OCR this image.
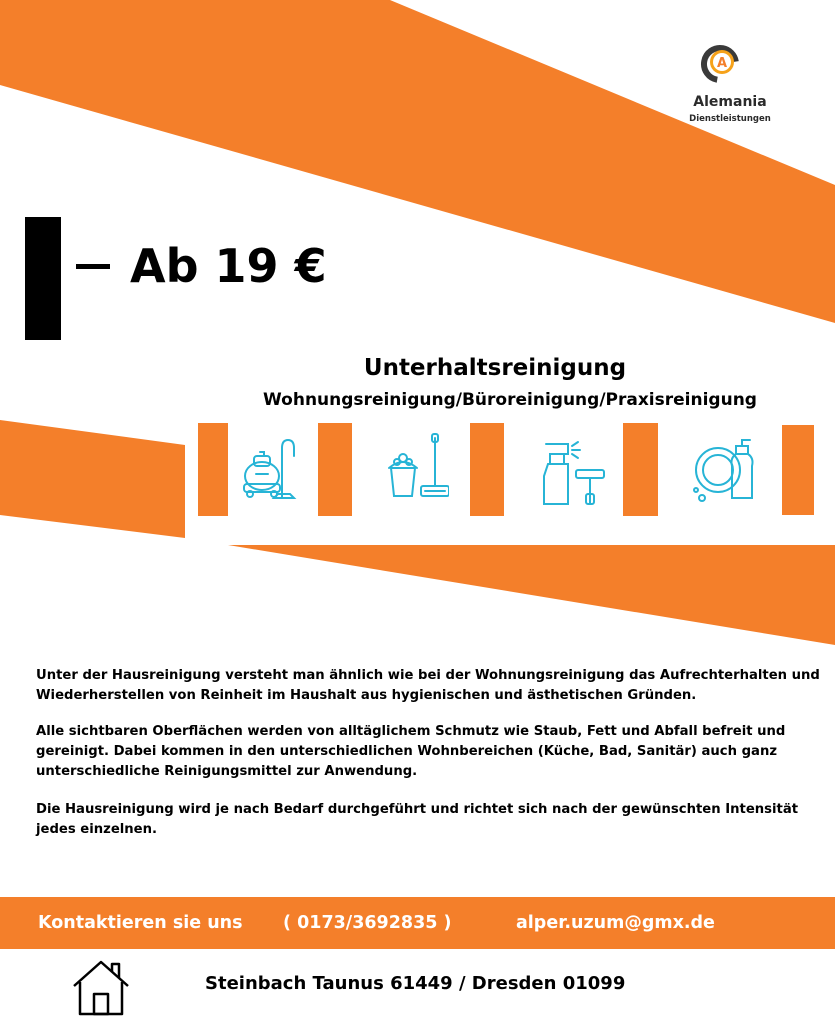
A
Alemania
Dienstleistungen
Ab 19 €
Unterhaltsreinigung
Wohnungsreinigung/Büroreinigung/Praxisreinigung
Unter der Hausreinigung versteht man ähnlich wie bei der Wohnungsreinigung das Aufrechterhalten und Wiederherstellen von Reinheit im Haushalt aus hygienischen und ästhetischen Gründen.
Alle sichtbaren Oberflächen werden von alltäglichem Schmutz wie Staub, Fett und Abfall befreit und gereinigt. Dabei kommen in den unterschiedlichen Wohnbereichen (Küche, Bad, Sanitär) auch ganz unterschiedliche Reinigungsmittel zur Anwendung.
Die Hausreinigung wird je nach Bedarf durchgeführt und richtet sich nach der gewünschten Intensität jedes einzelnen.
Kontaktieren sie uns ( 0173/3692835 )	alper.uzum@gmx.de
Steinbach Taunus 61449 / Dresden 01099
